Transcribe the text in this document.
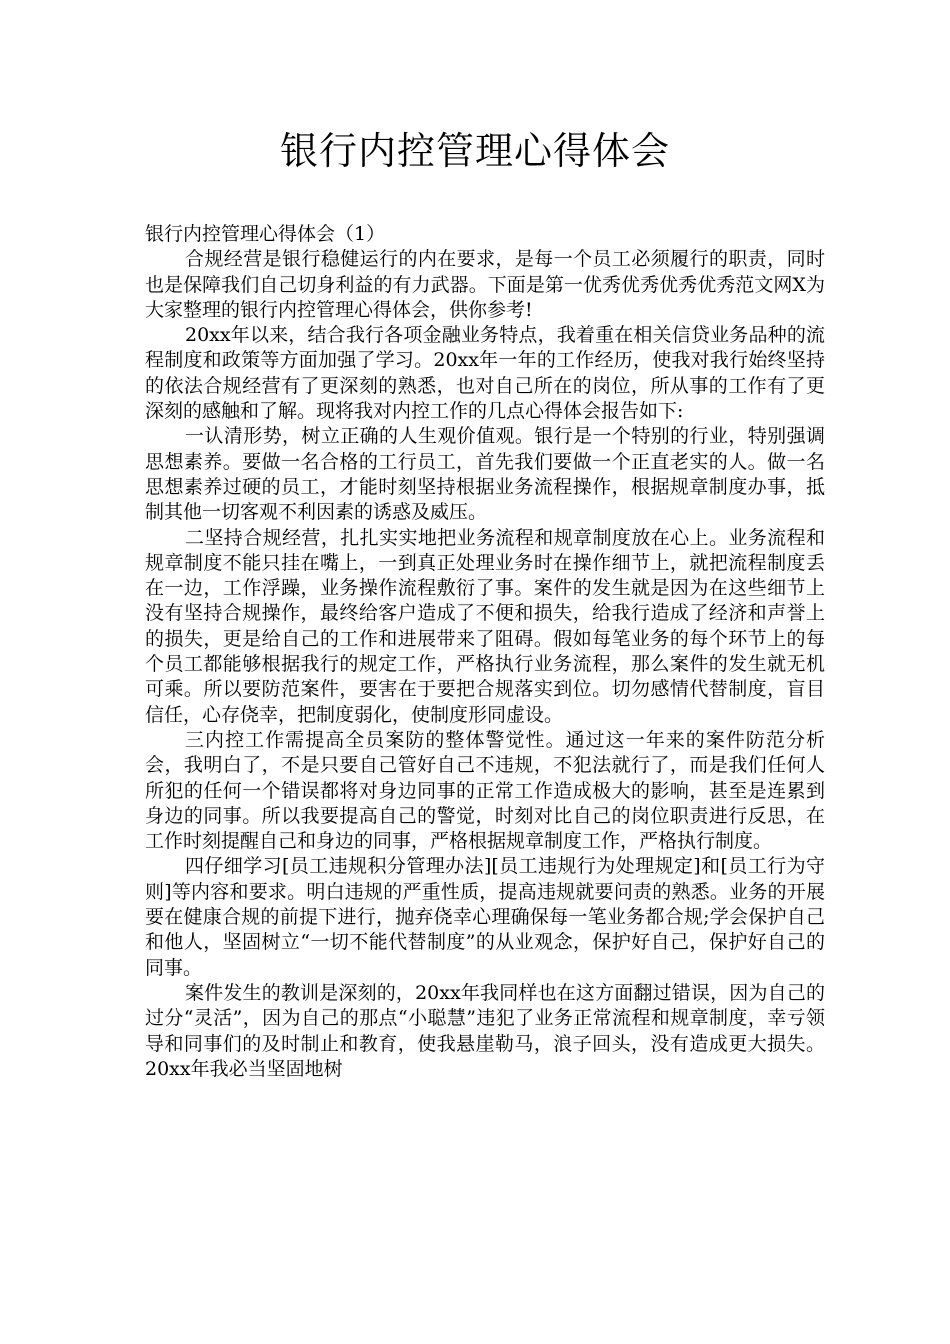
银行内控管理心得体会

银行内控管理心得体会（1）

合规经营是银行稳健运行的内在要求，是每一个员工必须履行的职责，同时也是保障我们自己切身利益的有力武器。下面是第一优秀优秀优秀优秀范文网X为大家整理的银行内控管理心得体会，供你参考!

20xx年以来，结合我行各项金融业务特点，我着重在相关信贷业务品种的流程制度和政策等方面加强了学习。20xx年一年的工作经历，使我对我行始终坚持的依法合规经营有了更深刻的熟悉，也对自己所在的岗位，所从事的工作有了更深刻的感触和了解。现将我对内控工作的几点心得体会报告如下:

一认清形势，树立正确的人生观价值观。银行是一个特别的行业，特别强调思想素养。要做一名合格的工行员工，首先我们要做一个正直老实的人。做一名思想素养过硬的员工，才能时刻坚持根据业务流程操作，根据规章制度办事，抵制其他一切客观不利因素的诱惑及威压。

二坚持合规经营，扎扎实实地把业务流程和规章制度放在心上。业务流程和规章制度不能只挂在嘴上，一到真正处理业务时在操作细节上，就把流程制度丢在一边，工作浮躁，业务操作流程敷衍了事。案件的发生就是因为在这些细节上没有坚持合规操作，最终给客户造成了不便和损失，给我行造成了经济和声誉上的损失，更是给自己的工作和进展带来了阻碍。假如每笔业务的每个环节上的每个员工都能够根据我行的规定工作，严格执行业务流程，那么案件的发生就无机可乘。所以要防范案件，要害在于要把合规落实到位。切勿感情代替制度，盲目信任，心存侥幸，把制度弱化，使制度形同虚设。

三内控工作需提高全员案防的整体警觉性。通过这一年来的案件防范分析会，我明白了，不是只要自己管好自己不违规，不犯法就行了，而是我们任何人所犯的任何一个错误都将对身边同事的正常工作造成极大的影响，甚至是连累到身边的同事。所以我要提高自己的警觉，时刻对比自己的岗位职责进行反思，在工作时刻提醒自己和身边的同事，严格根据规章制度工作，严格执行制度。

四仔细学习[员工违规积分管理办法][员工违规行为处理规定]和[员工行为守则]等内容和要求。明白违规的严重性质，提高违规就要问责的熟悉。业务的开展要在健康合规的前提下进行，抛弃侥幸心理确保每一笔业务都合规;学会保护自己和他人，坚固树立“一切不能代替制度”的从业观念，保护好自己，保护好自己的同事。

案件发生的教训是深刻的，20xx年我同样也在这方面翻过错误，因为自己的过分“灵活”，因为自己的那点“小聪慧”违犯了业务正常流程和规章制度，幸亏领导和同事们的及时制止和教育，使我悬崖勒马，浪子回头，没有造成更大损失。20xx年我必当坚固地树
